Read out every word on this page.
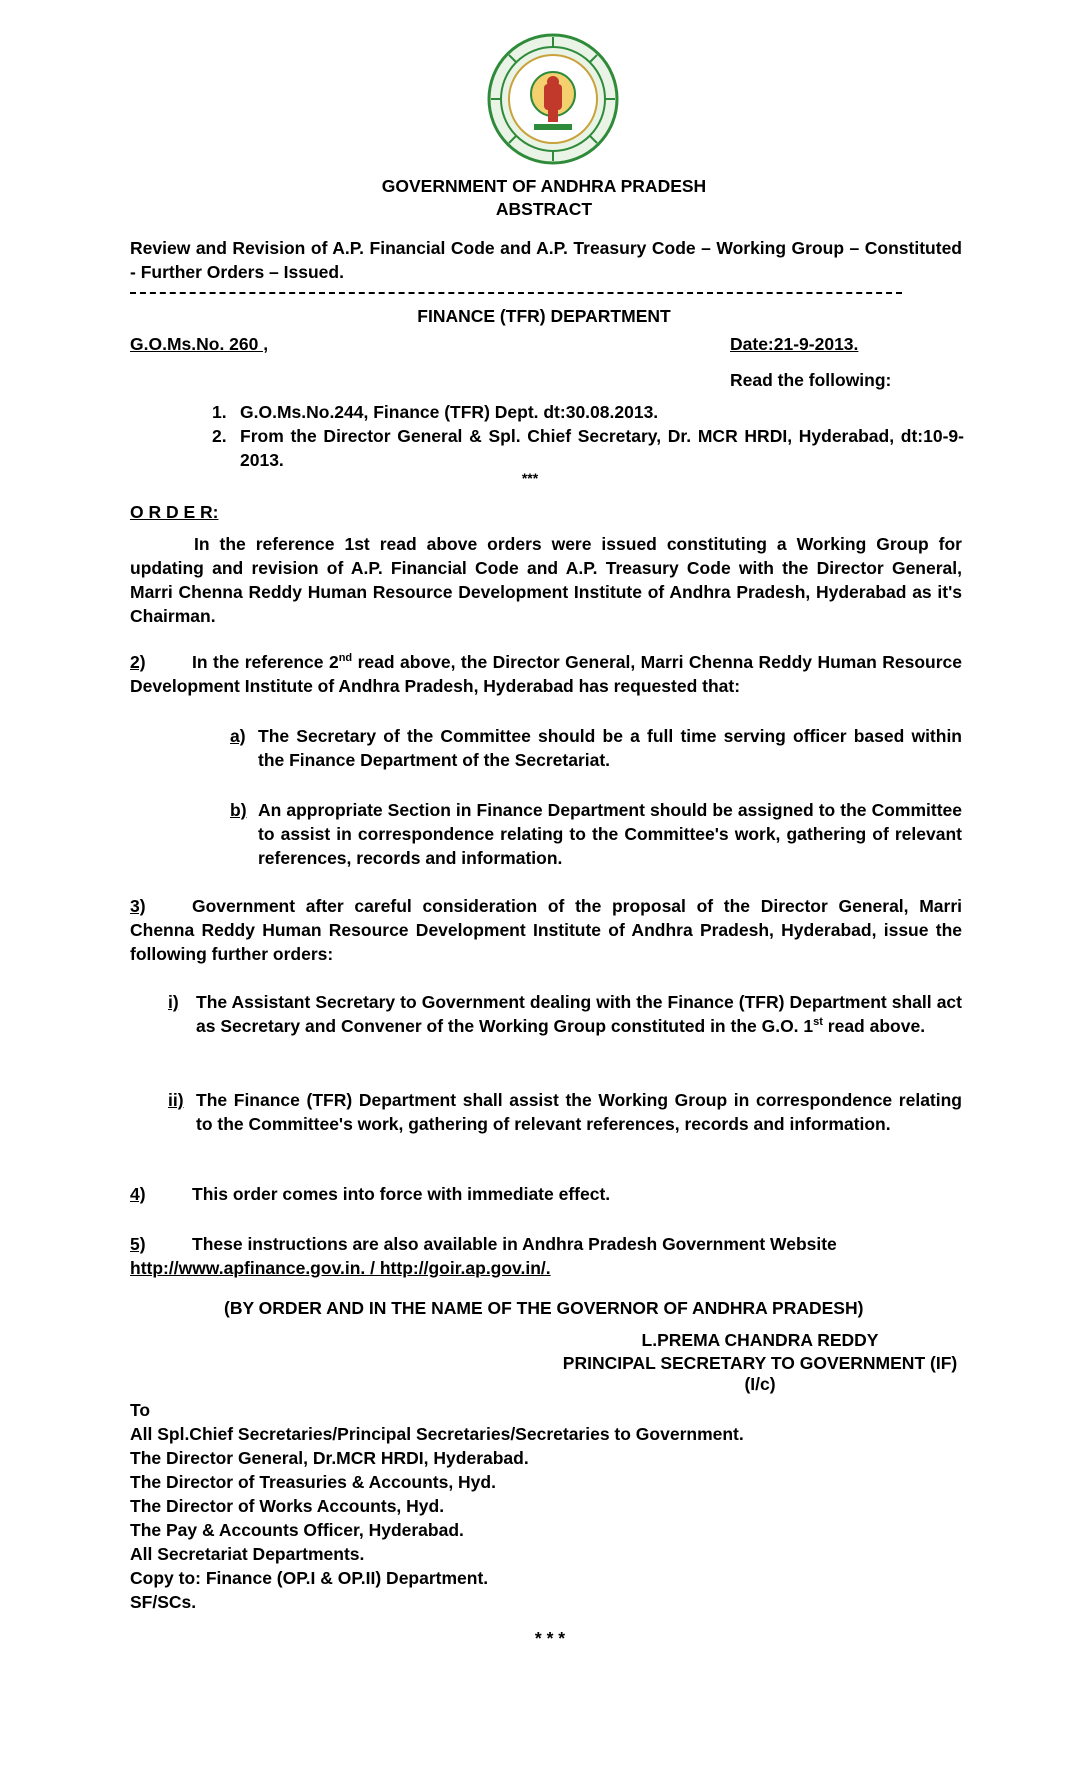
GOVERNMENT OF ANDHRA PRADESH
ABSTRACT
Review and Revision of A.P. Financial Code and A.P. Treasury Code – Working Group – Constituted - Further Orders – Issued.
FINANCE (TFR) DEPARTMENT
G.O.Ms.No. 260 ,	Date:21-9-2013.
Read the following:
1. G.O.Ms.No.244, Finance (TFR) Dept. dt:30.08.2013.
2. From the Director General & Spl. Chief Secretary, Dr. MCR HRDI, Hyderabad, dt:10-9-2013.
***
O R D E R:
In the reference 1st read above orders were issued constituting a Working Group for updating and revision of A.P. Financial Code and A.P. Treasury Code with the Director General, Marri Chenna Reddy Human Resource Development Institute of Andhra Pradesh, Hyderabad as it's Chairman.
2)	In the reference 2nd read above, the Director General, Marri Chenna Reddy Human Resource Development Institute of Andhra Pradesh, Hyderabad has requested that:
a) The Secretary of the Committee should be a full time serving officer based within the Finance Department of the Secretariat.
b) An appropriate Section in Finance Department should be assigned to the Committee to assist in correspondence relating to the Committee's work, gathering of relevant references, records and information.
3)	Government after careful consideration of the proposal of the Director General, Marri Chenna Reddy Human Resource Development Institute of Andhra Pradesh, Hyderabad, issue the following further orders:
i) The Assistant Secretary to Government dealing with the Finance (TFR) Department shall act as Secretary and Convener of the Working Group constituted in the G.O. 1st read above.
ii) The Finance (TFR) Department shall assist the Working Group in correspondence relating to the Committee's work, gathering of relevant references, records and information.
4)	This order comes into force with immediate effect.
5)	These instructions are also available in Andhra Pradesh Government Website
http://www.apfinance.gov.in. / http://goir.ap.gov.in/.
(BY ORDER AND IN THE NAME OF THE GOVERNOR OF ANDHRA PRADESH)
L.PREMA CHANDRA REDDY
PRINCIPAL SECRETARY TO GOVERNMENT (IF) (I/c)
To
All Spl.Chief Secretaries/Principal Secretaries/Secretaries to Government.
The Director General, Dr.MCR HRDI, Hyderabad.
The Director of Treasuries & Accounts, Hyd.
The Director of Works Accounts, Hyd.
The Pay & Accounts Officer, Hyderabad.
All Secretariat Departments.
Copy to: Finance (OP.I & OP.II) Department.
SF/SCs.
* * *
